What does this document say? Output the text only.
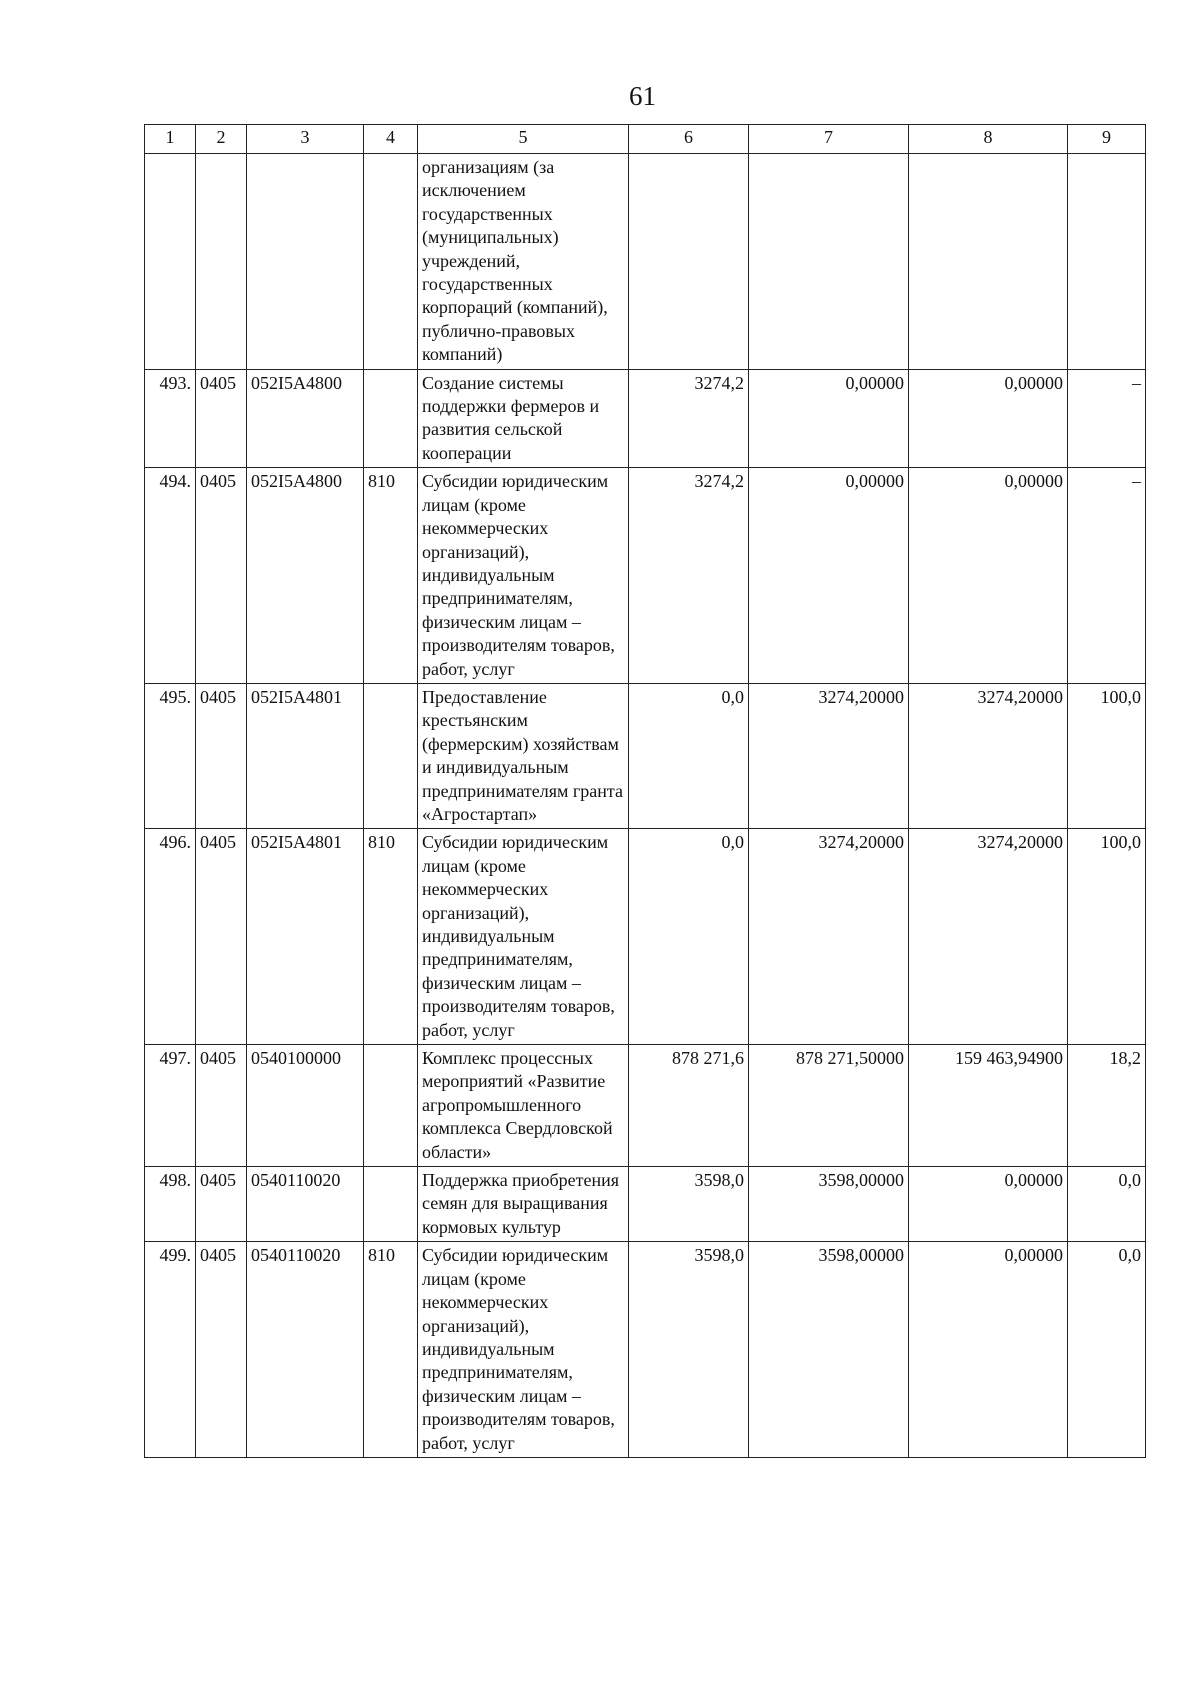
61
1	2	3	4	5	6	7	8	9
				организациям (за исключением государственных (муниципальных) учреждений, государственных корпораций (компаний), публично-правовых компаний)				
493.	0405	052I5A4800		Создание системы поддержки фермеров и развития сельской кооперации	3274,2	0,00000	0,00000	–
494.	0405	052I5A4800	810	Субсидии юридическим лицам (кроме некоммерческих организаций), индивидуальным предпринимателям, физическим лицам – производителям товаров, работ, услуг	3274,2	0,00000	0,00000	–
495.	0405	052I5A4801		Предоставление крестьянским (фермерским) хозяйствам и индивидуальным предпринимателям гранта «Агростартап»	0,0	3274,20000	3274,20000	100,0
496.	0405	052I5A4801	810	Субсидии юридическим лицам (кроме некоммерческих организаций), индивидуальным предпринимателям, физическим лицам – производителям товаров, работ, услуг	0,0	3274,20000	3274,20000	100,0
497.	0405	0540100000		Комплекс процессных мероприятий «Развитие агропромышленного комплекса Свердловской области»	878 271,6	878 271,50000	159 463,94900	18,2
498.	0405	0540110020		Поддержка приобретения семян для выращивания кормовых культур	3598,0	3598,00000	0,00000	0,0
499.	0405	0540110020	810	Субсидии юридическим лицам (кроме некоммерческих организаций), индивидуальным предпринимателям, физическим лицам – производителям товаров, работ, услуг	3598,0	3598,00000	0,00000	0,0
